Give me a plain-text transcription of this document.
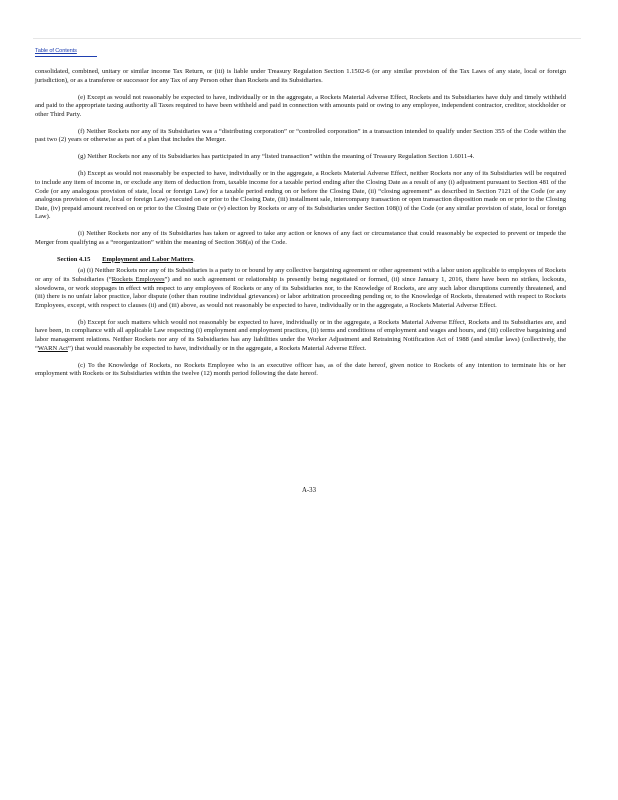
Table of Contents

consolidated, combined, unitary or similar income Tax Return, or (iii) is liable under Treasury Regulation Section 1.1502-6 (or any similar provision of the Tax Laws of any state, local or foreign jurisdiction), or as a transferee or successor for any Tax of any Person other than Rockets and its Subsidiaries.

(e) Except as would not reasonably be expected to have, individually or in the aggregate, a Rockets Material Adverse Effect, Rockets and its Subsidiaries have duly and timely withheld and paid to the appropriate taxing authority all Taxes required to have been withheld and paid in connection with amounts paid or owing to any employee, independent contractor, creditor, stockholder or other Third Party.

(f) Neither Rockets nor any of its Subsidiaries was a “distributing corporation” or “controlled corporation” in a transaction intended to qualify under Section 355 of the Code within the past two (2) years or otherwise as part of a plan that includes the Merger.

(g) Neither Rockets nor any of its Subsidiaries has participated in any “listed transaction” within the meaning of Treasury Regulation Section 1.6011-4.

(h) Except as would not reasonably be expected to have, individually or in the aggregate, a Rockets Material Adverse Effect, neither Rockets nor any of its Subsidiaries will be required to include any item of income in, or exclude any item of deduction from, taxable income for a taxable period ending after the Closing Date as a result of any (i) adjustment pursuant to Section 481 of the Code (or any analogous provision of state, local or foreign Law) for a taxable period ending on or before the Closing Date, (ii) “closing agreement” as described in Section 7121 of the Code (or any analogous provision of state, local or foreign Law) executed on or prior to the Closing Date, (iii) installment sale, intercompany transaction or open transaction disposition made on or prior to the Closing Date, (iv) prepaid amount received on or prior to the Closing Date or (v) election by Rockets or any of its Subsidiaries under Section 108(i) of the Code (or any similar provision of state, local or foreign Law).

(i) Neither Rockets nor any of its Subsidiaries has taken or agreed to take any action or knows of any fact or circumstance that could reasonably be expected to prevent or impede the Merger from qualifying as a “reorganization” within the meaning of Section 368(a) of the Code.

Section 4.15 Employment and Labor Matters.

(a) (i) Neither Rockets nor any of its Subsidiaries is a party to or bound by any collective bargaining agreement or other agreement with a labor union applicable to employees of Rockets or any of its Subsidiaries (“Rockets Employees”) and no such agreement or relationship is presently being negotiated or formed, (ii) since January 1, 2016, there have been no strikes, lockouts, slowdowns, or work stoppages in effect with respect to any employees of Rockets or any of its Subsidiaries nor, to the Knowledge of Rockets, are any such labor disruptions currently threatened, and (iii) there is no unfair labor practice, labor dispute (other than routine individual grievances) or labor arbitration proceeding pending or, to the Knowledge of Rockets, threatened with respect to Rockets Employees, except, with respect to clauses (ii) and (iii) above, as would not reasonably be expected to have, individually or in the aggregate, a Rockets Material Adverse Effect.

(b) Except for such matters which would not reasonably be expected to have, individually or in the aggregate, a Rockets Material Adverse Effect, Rockets and its Subsidiaries are, and have been, in compliance with all applicable Law respecting (i) employment and employment practices, (ii) terms and conditions of employment and wages and hours, and (iii) collective bargaining and labor management relations. Neither Rockets nor any of its Subsidiaries has any liabilities under the Worker Adjustment and Retraining Notification Act of 1988 (and similar laws) (collectively, the “WARN Act”) that would reasonably be expected to have, individually or in the aggregate, a Rockets Material Adverse Effect.

(c) To the Knowledge of Rockets, no Rockets Employee who is an executive officer has, as of the date hereof, given notice to Rockets of any intention to terminate his or her employment with Rockets or its Subsidiaries within the twelve (12) month period following the date hereof.

A-33
